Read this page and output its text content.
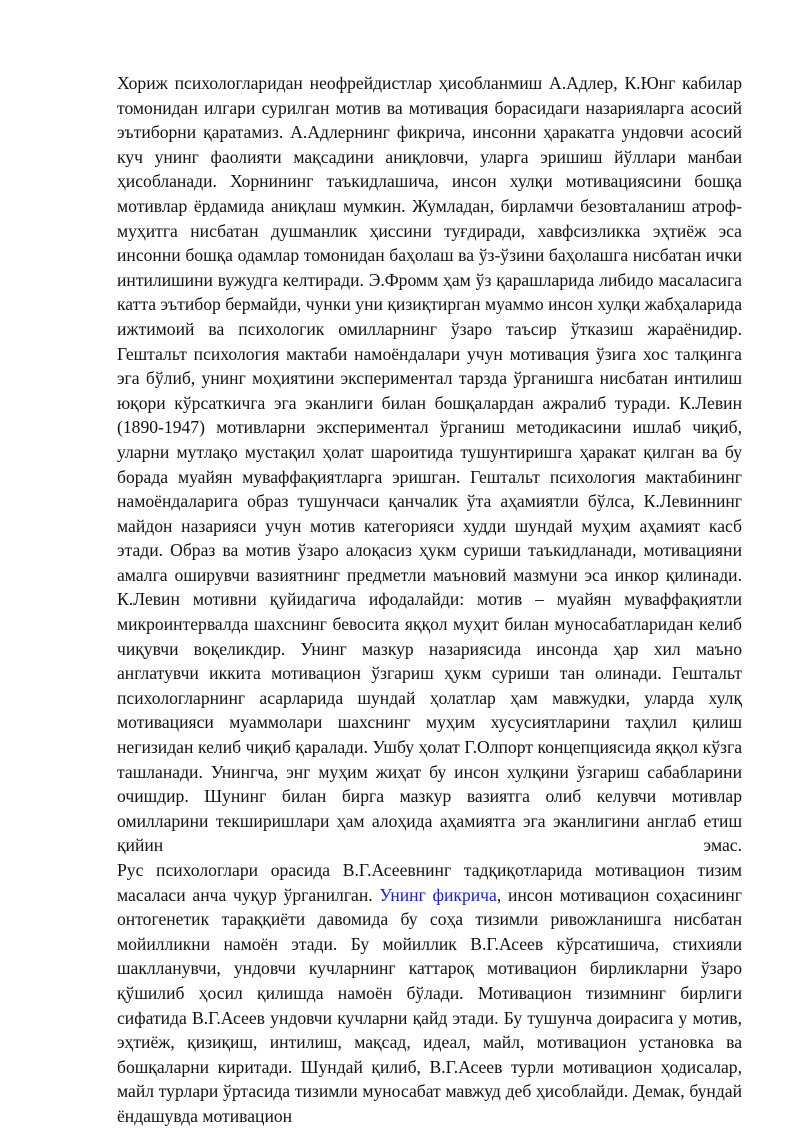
Хориж психологларидан неофрейдистлар ҳисобланмиш А.Адлер, К.Юнг кабилар томонидан илгари сурилган мотив ва мотивация борасидаги назарияларга асосий эътиборни қаратамиз. А.Адлернинг фикрича, инсонни ҳаракатга ундовчи асосий куч унинг фаолияти мақсадини аниқловчи, уларга эришиш йўллари манбаи ҳисобланади. Хорнининг таъкидлашича, инсон хулқи мотивациясини бошқа мотивлар ёрдамида аниқлаш мумкин. Жумладан, бирламчи безовталаниш атроф-муҳитга нисбатан душманлик ҳиссини туғдиради, хавфсизликка эҳтиёж эса инсонни бошқа одамлар томонидан баҳолаш ва ўз-ўзини баҳолашга нисбатан ички интилишини вужудга келтиради. Э.Фромм ҳам ўз қарашларида либидо масаласига катта эътибор бермайди, чунки уни қизиқтирган муаммо инсон хулқи жабҳаларида ижтимоий ва психологик омилларнинг ўзаро таъсир ўтказиш жараёнидир. Гештальт психология мактаби намоёндалари учун мотивация ўзига хос талқинга эга бўлиб, унинг моҳиятини экспериментал тарзда ўрганишга нисбатан интилиш юқори кўрсаткичга эга эканлиги билан бошқалардан ажралиб туради. К.Левин (1890-1947) мотивларни экспериментал ўрганиш методикасини ишлаб чиқиб, уларни мутлақо мустақил ҳолат шароитида тушунтиришга ҳаракат қилган ва бу борада муайян муваффақиятларга эришган. Гештальт психология мактабининг намоёндаларига образ тушунчаси қанчалик ўта аҳамиятли бўлса, К.Левиннинг майдон назарияси учун мотив категорияси худди шундай муҳим аҳамият касб этади. Образ ва мотив ўзаро алоқасиз ҳукм суриши таъкидланади, мотивацияни амалга оширувчи вазиятнинг предметли маъновий мазмуни эса инкор қилинади. К.Левин мотивни қуйидагича ифодалайди: мотив – муайян муваффақиятли микроинтервалда шахснинг бевосита яққол муҳит билан муносабатларидан келиб чиқувчи воқеликдир. Унинг мазкур назариясида инсонда ҳар хил маъно англатувчи иккита мотивацион ўзгариш ҳукм суриши тан олинади. Гештальт психологларнинг асарларида шундай ҳолатлар ҳам мавжудки, уларда хулқ мотивацияси муаммолари шахснинг муҳим хусусиятларини таҳлил қилиш негизидан келиб чиқиб қаралади. Ушбу ҳолат Г.Олпорт концепциясида яққол кўзга ташланади. Унингча, энг муҳим жиҳат бу инсон хулқини ўзгариш сабабларини очишдир. Шунинг билан бирга мазкур вазиятга олиб келувчи мотивлар омилларини текширишлари ҳам алоҳида аҳамиятга эга эканлигини англаб етиш қийин эмас.

Рус психологлари орасида В.Г.Асеевнинг тадқиқотларида мотивацион тизим масаласи анча чуқур ўрганилган. Унинг фикрича, инсон мотивацион соҳасининг онтогенетик тараққиёти давомида бу соҳа тизимли ривожланишга нисбатан мойилликни намоён этади. Бу мойиллик В.Г.Асеев кўрсатишича, стихияли шаклланувчи, ундовчи кучларнинг каттароқ мотивацион бирликларни ўзаро қўшилиб ҳосил қилишда намоён бўлади. Мотивацион тизимнинг бирлиги сифатида В.Г.Асеев ундовчи кучларни қайд этади. Бу тушунча доирасига у мотив, эҳтиёж, қизиқиш, интилиш, мақсад, идеал, майл, мотивацион установка ва бошқаларни киритади. Шундай қилиб, В.Г.Асеев турли мотивацион ҳодисалар, майл турлари ўртасида тизимли муносабат мавжуд деб ҳисоблайди. Демак, бундай ёндашувда мотивацион
